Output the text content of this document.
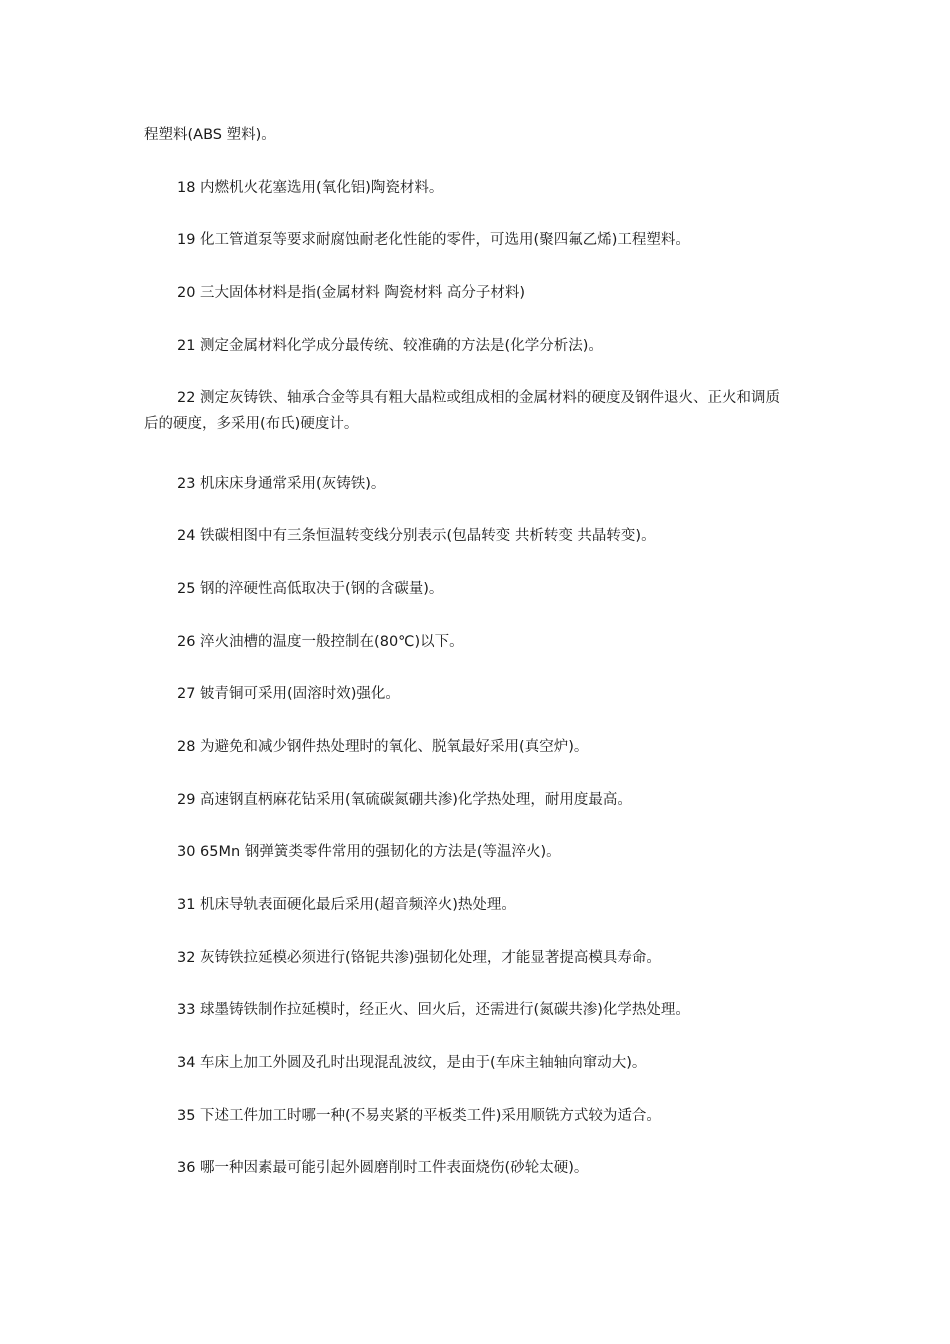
程塑料(ABS 塑料)。

18 内燃机火花塞选用(氧化铝)陶瓷材料。

19 化工管道泵等要求耐腐蚀耐老化性能的零件，可选用(聚四氟乙烯)工程塑料。

20 三大固体材料是指(金属材料 陶瓷材料 高分子材料)

21 测定金属材料化学成分最传统、较准确的方法是(化学分析法)。

22 测定灰铸铁、轴承合金等具有粗大晶粒或组成相的金属材料的硬度及钢件退火、正火和调质后的硬度，多采用(布氏)硬度计。

23 机床床身通常采用(灰铸铁)。

24 铁碳相图中有三条恒温转变线分别表示(包晶转变 共析转变 共晶转变)。

25 钢的淬硬性高低取决于(钢的含碳量)。

26 淬火油槽的温度一般控制在(80℃)以下。

27 铍青铜可采用(固溶时效)强化。

28 为避免和减少钢件热处理时的氧化、脱氧最好采用(真空炉)。

29 高速钢直柄麻花钻采用(氧硫碳氮硼共渗)化学热处理，耐用度最高。

30 65Mn 钢弹簧类零件常用的强韧化的方法是(等温淬火)。

31 机床导轨表面硬化最后采用(超音频淬火)热处理。

32 灰铸铁拉延模必须进行(铬铌共渗)强韧化处理，才能显著提高模具寿命。

33 球墨铸铁制作拉延模时，经正火、回火后，还需进行(氮碳共渗)化学热处理。

34 车床上加工外圆及孔时出现混乱波纹，是由于(车床主轴轴向窜动大)。

35 下述工件加工时哪一种(不易夹紧的平板类工件)采用顺铣方式较为适合。

36 哪一种因素最可能引起外圆磨削时工件表面烧伤(砂轮太硬)。
